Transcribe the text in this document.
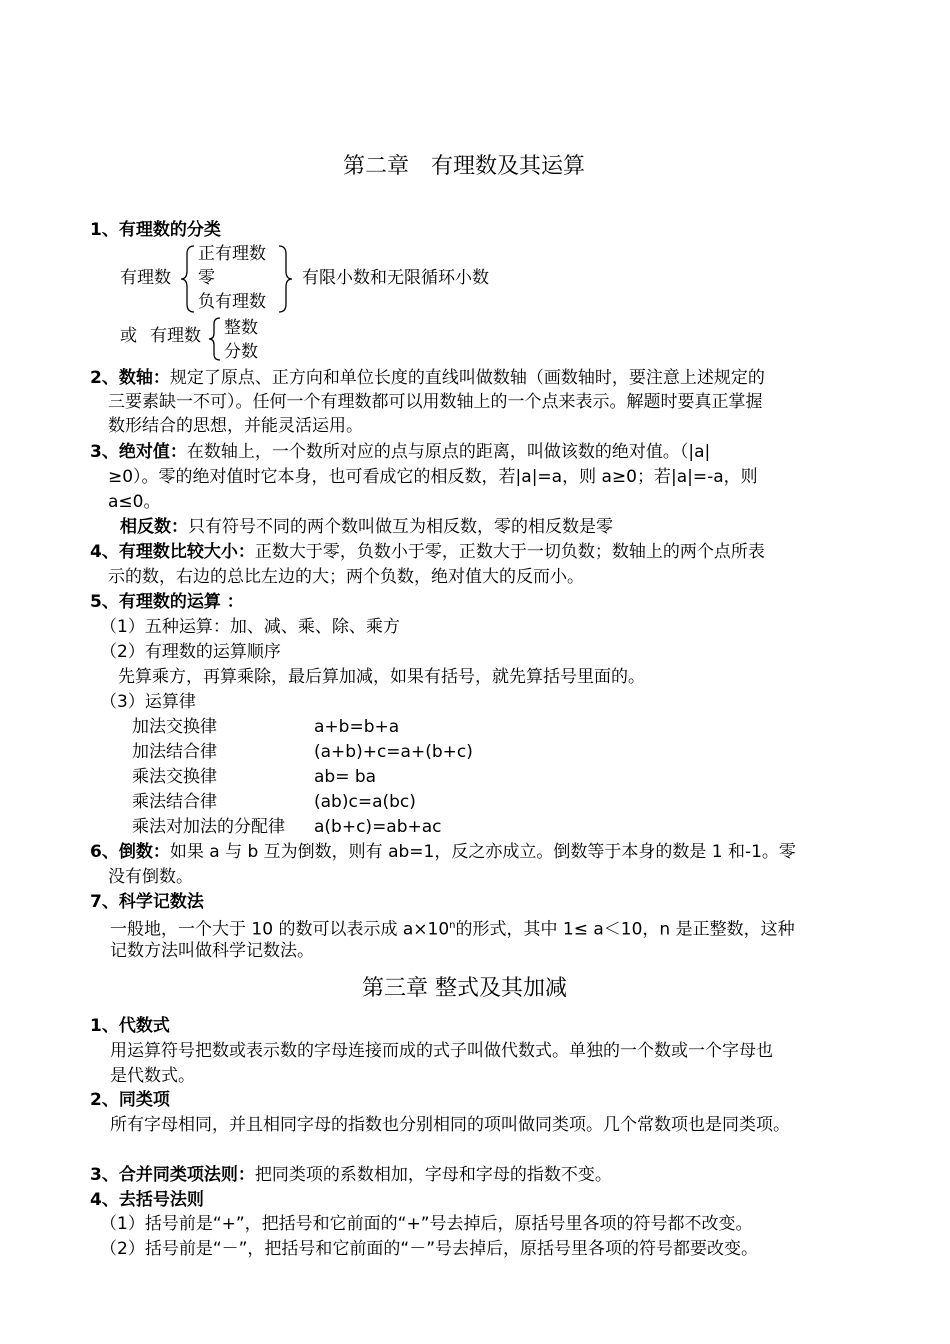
第二章　有理数及其运算
1、有理数的分类
有理数
正有理数
零
负有理数
有限小数和无限循环小数
或 有理数 整数
分数
2、数轴：规定了原点、正方向和单位长度的直线叫做数轴（画数轴时，要注意上述规定的
三要素缺一不可）。任何一个有理数都可以用数轴上的一个点来表示。解题时要真正掌握
数形结合的思想，并能灵活运用。
3、绝对值：在数轴上，一个数所对应的点与原点的距离，叫做该数的绝对值。（|a|
≥0）。零的绝对值时它本身，也可看成它的相反数，若|a|=a，则 a≥0；若|a|=-a，则
a≤0。
相反数：只有符号不同的两个数叫做互为相反数，零的相反数是零
4、有理数比较大小：正数大于零，负数小于零，正数大于一切负数；数轴上的两个点所表
示的数，右边的总比左边的大；两个负数，绝对值大的反而小。
5、有理数的运算 ：
（1）五种运算：加、减、乘、除、乘方
（2）有理数的运算顺序
先算乘方，再算乘除，最后算加减，如果有括号，就先算括号里面的。
（3）运算律
加法交换律	a+b=b+a
加法结合律	(a+b)+c=a+(b+c)
乘法交换律	ab= ba
乘法结合律	(ab)c=a(bc)
乘法对加法的分配律 a(b+c)=ab+ac
6、倒数：如果 a 与 b 互为倒数，则有 ab=1，反之亦成立。倒数等于本身的数是 1 和-1。零
没有倒数。
7、科学记数法
一般地，一个大于 10 的数可以表示成 $a\times 10^n$的形式，其中 1≤ a＜10，n 是正整数，这种
记数方法叫做科学记数法。
第三章 整式及其加减
1、代数式
用运算符号把数或表示数的字母连接而成的式子叫做代数式。单独的一个数或一个字母也
是代数式。
2、同类项
所有字母相同，并且相同字母的指数也分别相同的项叫做同类项。几个常数项也是同类项。
3、合并同类项法则：把同类项的系数相加，字母和字母的指数不变。
4、去括号法则
（1）括号前是“+”，把括号和它前面的“+”号去掉后，原括号里各项的符号都不改变。
（2）括号前是“－”，把括号和它前面的“－”号去掉后，原括号里各项的符号都要改变。
